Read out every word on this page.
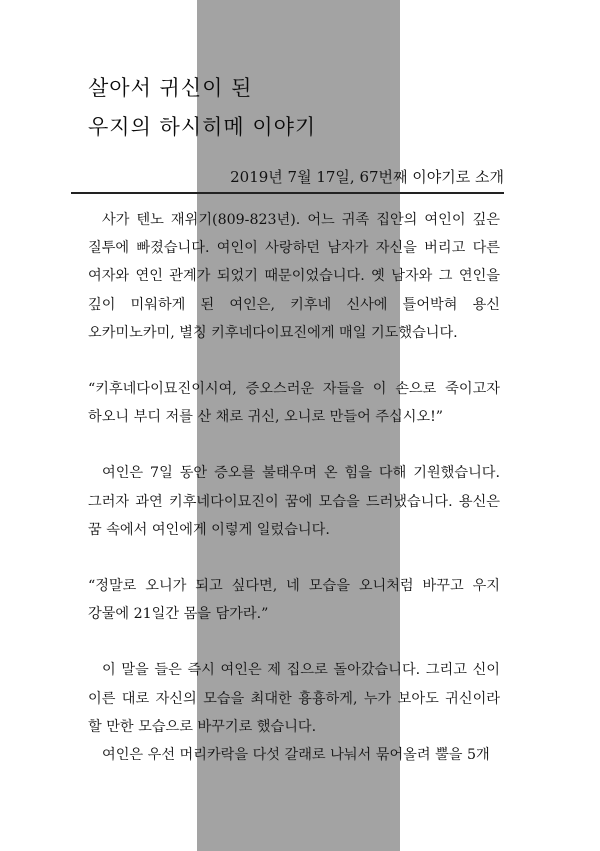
살아서 귀신이 된
우지의 하시히메 이야기
2019년 7월 17일, 67번째 이야기로 소개

사가 텐노 재위기(809-823년). 어느 귀족 집안의 여인이 깊은 질투에 빠졌습니다. 여인이 사랑하던 남자가 자신을 버리고 다른 여자와 연인 관계가 되었기 때문이었습니다. 옛 남자와 그 연인을 깊이 미워하게 된 여인은, 키후네 신사에 틀어박혀 용신 오카미노카미, 별칭 키후네다이묘진에게 매일 기도했습니다.

“키후네다이묘진이시여, 증오스러운 자들을 이 손으로 죽이고자 하오니 부디 저를 산 채로 귀신, 오니로 만들어 주십시오!”

여인은 7일 동안 증오를 불태우며 온 힘을 다해 기원했습니다. 그러자 과연 키후네다이묘진이 꿈에 모습을 드러냈습니다. 용신은 꿈 속에서 여인에게 이렇게 일렀습니다.

“정말로 오니가 되고 싶다면, 네 모습을 오니처럼 바꾸고 우지 강물에 21일간 몸을 담가라.”

이 말을 들은 즉시 여인은 제 집으로 돌아갔습니다. 그리고 신이 이른 대로 자신의 모습을 최대한 흉흉하게, 누가 보아도 귀신이라 할 만한 모습으로 바꾸기로 했습니다.

여인은 우선 머리카락을 다섯 갈래로 나눠서 묶어올려 뿔을 5개
